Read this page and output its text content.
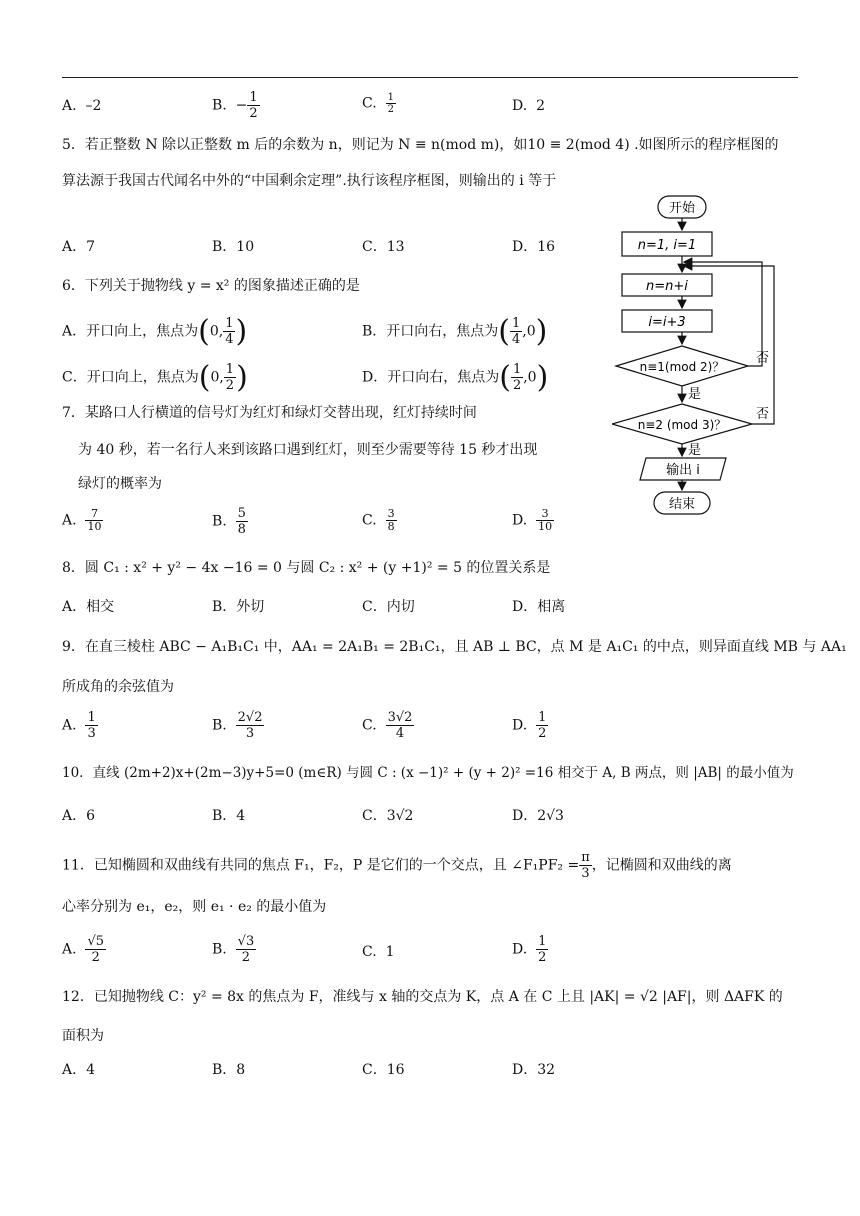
A. –2	B. − $\frac{1}{2}$	C. $\frac{1}{2}$	D. 2
5．若正整数 N 除以正整数 m 后的余数为 n，则记为 N ≡ n(mod m)，如10 ≡ 2(mod 4) .如图所示的程序框图的
算法源于我国古代闻名中外的“中国剩余定理”.执行该程序框图，则输出的 i 等于
A．7	B．10	C．13	D．16
开始
n=1, i=1
n=n+i
i=i+3
n≡1(mod 2)？
n≡2 (mod 3)？
否
否
是
是
输出 i
结束
6．下列关于抛物线 y = x² 的图象描述正确的是
A．开口向上，焦点为(0, $\frac{1}{4}$ )	B．开口向右，焦点为( $\frac{1}{4} ,0$)
C．开口向上，焦点为(0, $\frac{1}{2}$ )	D．开口向右，焦点为( $\frac{1}{2} ,0$)
7．某路口人行横道的信号灯为红灯和绿灯交替出现，红灯持续时间
为 40 秒，若一名行人来到该路口遇到红灯，则至少需要等待 15 秒才出现
绿灯的概率为
A. $\frac{7}{10}$	B. $\frac{5}{8}$	C. $\frac{3}{8}$	D. $\frac{3}{10}$
8．圆 C₁ : x² + y² − 4x −16 = 0 与圆 C₂ : x² + (y +1)² = 5 的位置关系是
A．相交	B．外切	C．内切	D．相离
9．在直三棱柱 ABC − A₁B₁C₁ 中，AA₁ = 2A₁B₁ = 2B₁C₁，且 AB ⊥ BC，点 M 是 A₁C₁ 的中点，则异面直线 MB 与 AA₁
所成角的余弦值为
A. $\frac{1}{3}$	B. $\frac{2√2}{3}$	C. $\frac{3√2}{4}$	D. $\frac{1}{2}$
10．直线 (2m+2)x+(2m−3)y+5=0 (m∈R) 与圆 C : (x −1)² + (y + 2)² =16 相交于 A, B 两点，则 |AB| 的最小值为
A．6	B．4	C．3√2	D．2√3
11．已知椭圆和双曲线有共同的焦点 F₁，F₂，P 是它们的一个交点，且 ∠F₁PF₂ = $\frac{\pi}{3}$ ，记椭圆和双曲线的离
心率分别为 e₁，e₂，则 e₁ · e₂ 的最小值为
A. $\frac{√5}{2}$	B. $\frac{√3}{2}$	C. 1	D. $\frac{1}{2}$
12．已知抛物线 C：y² = 8x 的焦点为 F，准线与 x 轴的交点为 K，点 A 在 C 上且 |AK| = √2 |AF|，则 ΔAFK 的
面积为
A．4	B．8	C．16	D．32
